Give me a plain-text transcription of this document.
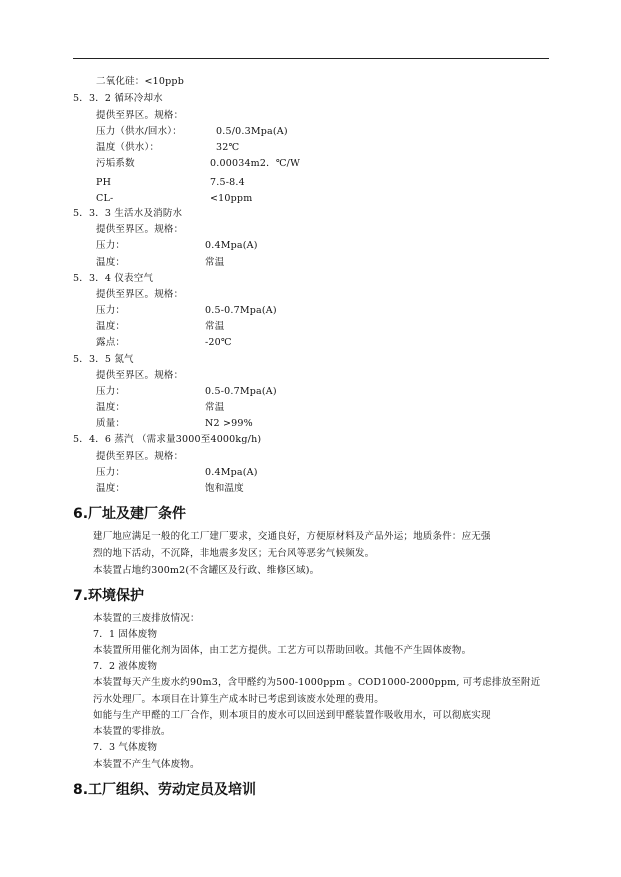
二氧化硅：<10ppb
5．3．2 循环冷却水
提供至界区。规格：
压力（供水/回水）：	0.5/0.3Mpa(A)
温度（供水）：	32℃
污垢系数	0.00034m2．℃/W
PH	7.5-8.4
CL-	<10ppm
5．3．3 生活水及消防水
提供至界区。规格：
压力：	0.4Mpa(A)
温度：	常温
5．3．4 仪表空气
提供至界区。规格：
压力：	0.5-0.7Mpa(A)
温度：	常温
露点：	-20℃
5．3．5 氮气
提供至界区。规格：
压力：	0.5-0.7Mpa(A)
温度：	常温
质量：	N2 >99%
5．4．6 蒸汽 （需求量3000至4000kg/h)
提供至界区。规格：
压力：	0.4Mpa(A)
温度：	饱和温度
6.厂址及建厂条件
建厂地应满足一般的化工厂建厂要求，交通良好，方便原材料及产品外运；地质条件：应无强
烈的地下活动，不沉降，非地震多发区；无台风等恶劣气候频发。
本装置占地约300m2(不含罐区及行政、维修区域)。
7.环境保护
本装置的三废排放情况：
7．1 固体废物
本装置所用催化剂为固体，由工艺方提供。工艺方可以帮助回收。其他不产生固体废物。
7．2 液体废物
本装置每天产生废水约90m3，含甲醛约为500-1000ppm 。COD1000-2000ppm, 可考虑排放至附近
污水处理厂。本项目在计算生产成本时已考虑到该废水处理的费用。
如能与生产甲醛的工厂合作，则本项目的废水可以回送到甲醛装置作吸收用水，可以彻底实现
本装置的零排放。
7．3 气体废物
本装置不产生气体废物。
8.工厂组织、劳动定员及培训
